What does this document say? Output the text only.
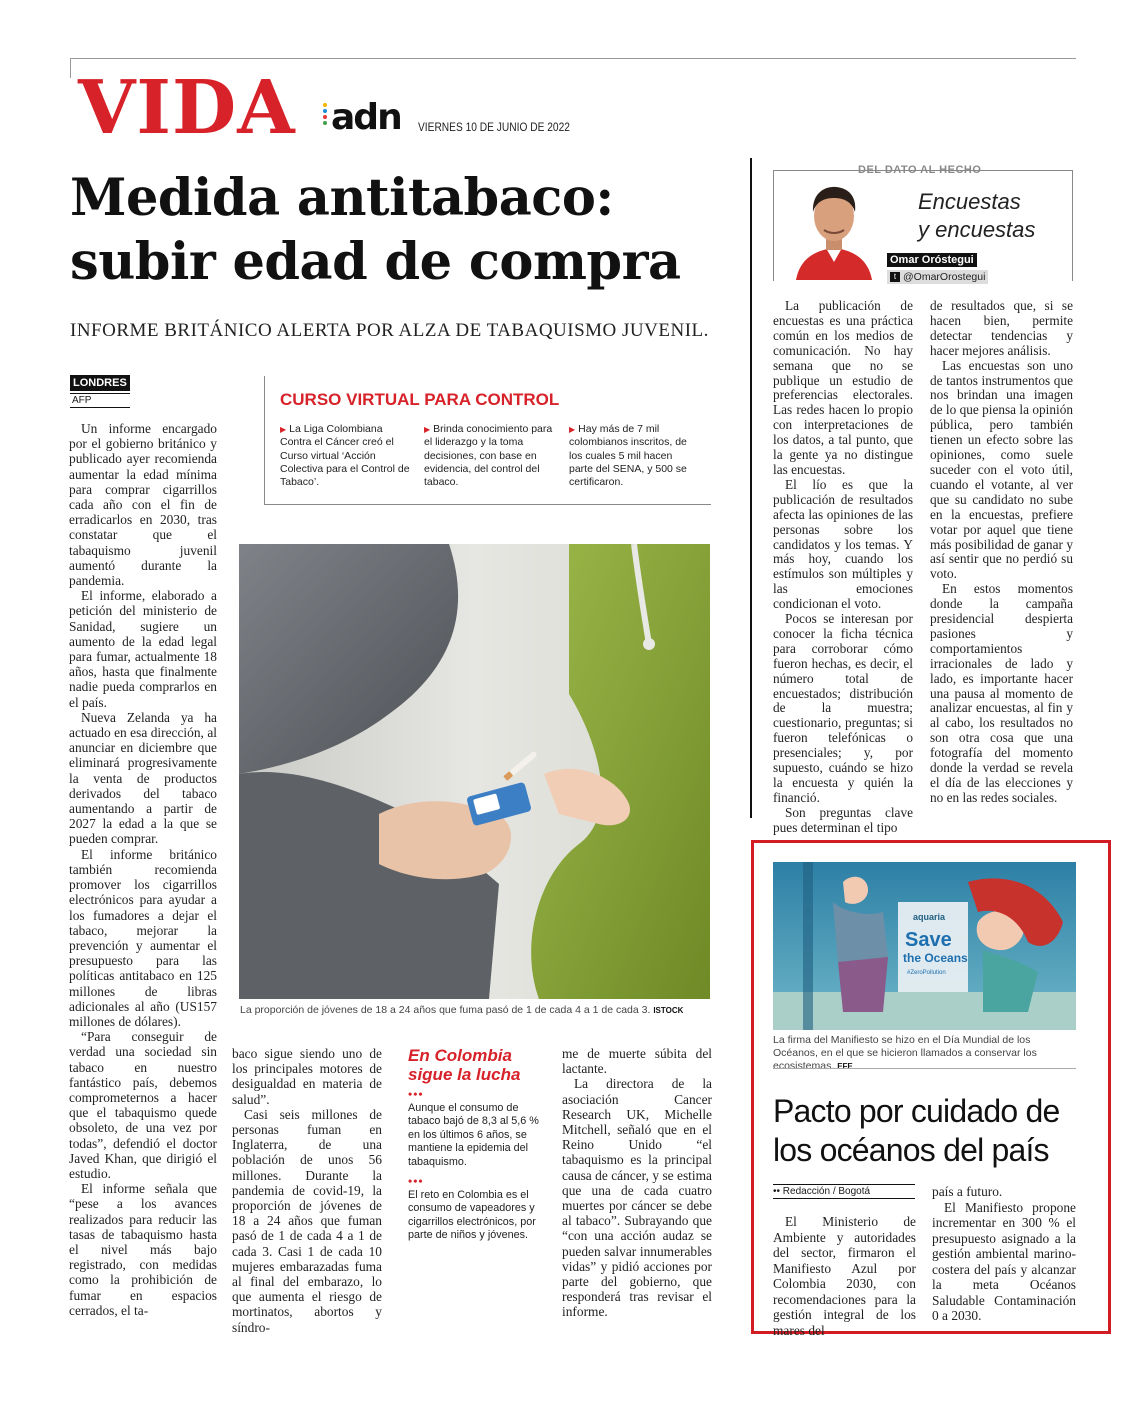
VIDA adn VIERNES 10 DE JUNIO DE 2022
Medida antitabaco:
subir edad de compra
INFORME BRITÁNICO ALERTA POR ALZA DE TABAQUISMO JUVENIL.
LONDRES
AFP

Un informe encargado por el gobierno británico y publicado ayer recomienda aumentar la edad mínima para comprar cigarrillos cada año con el fin de erradicarlos en 2030, tras constatar que el tabaquismo juvenil aumentó durante la pandemia.

El informe, elaborado a petición del ministerio de Sanidad, sugiere un aumento de la edad legal para fumar, actualmente 18 años, hasta que finalmente nadie pueda comprarlos en el país.

Nueva Zelanda ya ha actuado en esa dirección, al anunciar en diciembre que eliminará progresivamente la venta de productos derivados del tabaco aumentando a partir de 2027 la edad a la que se pueden comprar.

El informe británico también recomienda promover los cigarrillos electrónicos para ayudar a los fumadores a dejar el tabaco, mejorar la prevención y aumentar el presupuesto para las políticas antitabaco en 125 millones de libras adicionales al año (US157 millones de dólares).

“Para conseguir de verdad una sociedad sin tabaco en nuestro fantástico país, debemos comprometernos a hacer que el tabaquismo quede obsoleto, de una vez por todas”, defendió el doctor Javed Khan, que dirigió el estudio.

El informe señala que “pese a los avances realizados para reducir las tasas de tabaquismo hasta el nivel más bajo registrado, con medidas como la prohibición de fumar en espacios cerrados, el ta-

CURSO VIRTUAL PARA CONTROL
▶ La Liga Colombiana Contra el Cáncer creó el Curso virtual ‘Acción Colectiva para el Control de Tabaco’.
▶ Brinda conocimiento para el liderazgo y la toma decisiones, con base en evidencia, del control del tabaco.
▶ Hay más de 7 mil colombianos inscritos, de los cuales 5 mil hacen parte del SENA, y 500 se certificaron.
La proporción de jóvenes de 18 a 24 años que fuma pasó de 1 de cada 4 a 1 de cada 3. ISTOCK

baco sigue siendo uno de los principales motores de desigualdad en materia de salud”.

Casi seis millones de personas fuman en Inglaterra, de una población de unos 56 millones. Durante la pandemia de covid-19, la proporción de jóvenes de 18 a 24 años que fuman pasó de 1 de cada 4 a 1 de cada 3. Casi 1 de cada 10 mujeres embarazadas fuma al final del embarazo, lo que aumenta el riesgo de mortinatos, abortos y síndro-

En Colombia
sigue la lucha
•••
Aunque el consumo de tabaco bajó de 8,3 al 5,6 % en los últimos 6 años, se mantiene la epidemia del tabaquismo.
•••
El reto en Colombia es el consumo de vapeadores y cigarrillos electrónicos, por parte de niños y jóvenes.

me de muerte súbita del lactante.

La directora de la asociación Cancer Research UK, Michelle Mitchell, señaló que en el Reino Unido “el tabaquismo es la principal causa de cáncer, y se estima que una de cada cuatro muertes por cáncer se debe al tabaco”. Subrayando que “con una acción audaz se pueden salvar innumerables vidas” y pidió acciones por parte del gobierno, que responderá tras revisar el informe.

DEL DATO AL HECHO
Encuestas
y encuestas
Omar Oróstegui
t @OmarOrostegui

La publicación de encuestas es una práctica común en los medios de comunicación. No hay semana que no se publique un estudio de preferencias electorales. Las redes hacen lo propio con interpretaciones de los datos, a tal punto, que la gente ya no distingue las encuestas.

El lío es que la publicación de resultados afecta las opiniones de las personas sobre los candidatos y los temas. Y más hoy, cuando los estímulos son múltiples y las emociones condicionan el voto.

Pocos se interesan por conocer la ficha técnica para corroborar cómo fueron hechas, es decir, el número total de encuestados; distribución de la muestra; cuestionario, preguntas; si fueron telefónicas o presenciales; y, por supuesto, cuándo se hizo la encuesta y quién la financió.

Son preguntas clave pues determinan el tipo

de resultados que, si se hacen bien, permite detectar tendencias y hacer mejores análisis.

Las encuestas son uno de tantos instrumentos que nos brindan una imagen de lo que piensa la opinión pública, pero también tienen un efecto sobre las opiniones, como suele suceder con el voto útil, cuando el votante, al ver que su candidato no sube en la encuestas, prefiere votar por aquel que tiene más posibilidad de ganar y así sentir que no perdió su voto.

En estos momentos donde la campaña presidencial despierta pasiones y comportamientos irracionales de lado y lado, es importante hacer una pausa al momento de analizar encuestas, al fin y al cabo, los resultados no son otra cosa que una fotografía del momento donde la verdad se revela el día de las elecciones y no en las redes sociales.

aquaria
Save
the Oceans
#ZeroPollution
La firma del Manifiesto se hizo en el Día Mundial de los Océanos, en el que se hicieron llamados a conservar los ecosistemas. EFE
Pacto por cuidado de
los océanos del país
•• Redacción / Bogotá

El Ministerio de Ambiente y autoridades del sector, firmaron el Manifiesto Azul por Colombia 2030, con recomendaciones para la gestión integral de los mares del

país a futuro.

El Manifiesto propone incrementar en 300 % el presupuesto asignado a la gestión ambiental marino-costera del país y alcanzar la meta Océanos Saludable Contaminación 0 a 2030.
